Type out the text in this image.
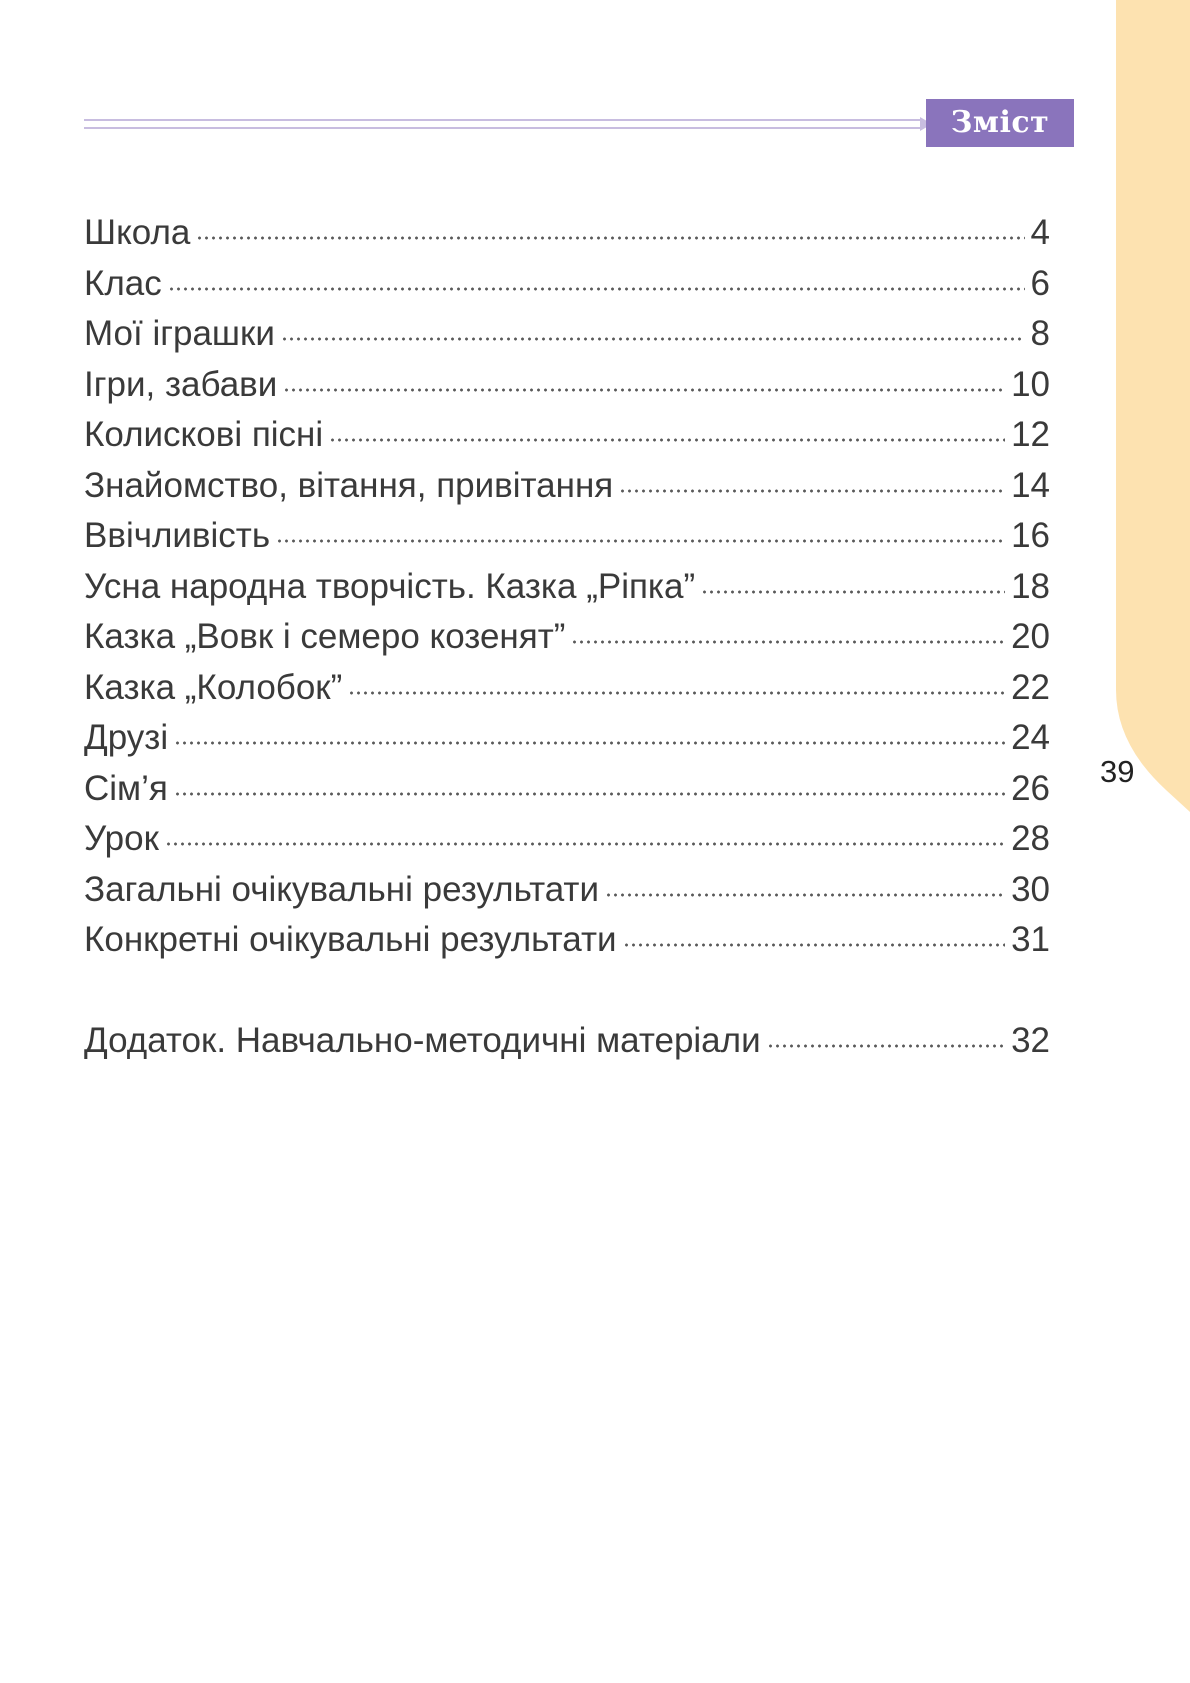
Зміст
Школа	4
Клас	6
Мої іграшки	8
Ігри, забави	10
Колискові пісні	12
Знайомство, вітання, привітання	14
Ввічливість	16
Усна народна творчість. Казка „Ріпка”	18
Казка „Вовк і семеро козенят”	20
Казка „Колобок”	22
Друзі	24
Сім’я	26
Урок	28
Загальні очікувальні результати	30
Конкретні очікувальні результати	31
Додаток. Навчально-методичні матеріали	32
39
